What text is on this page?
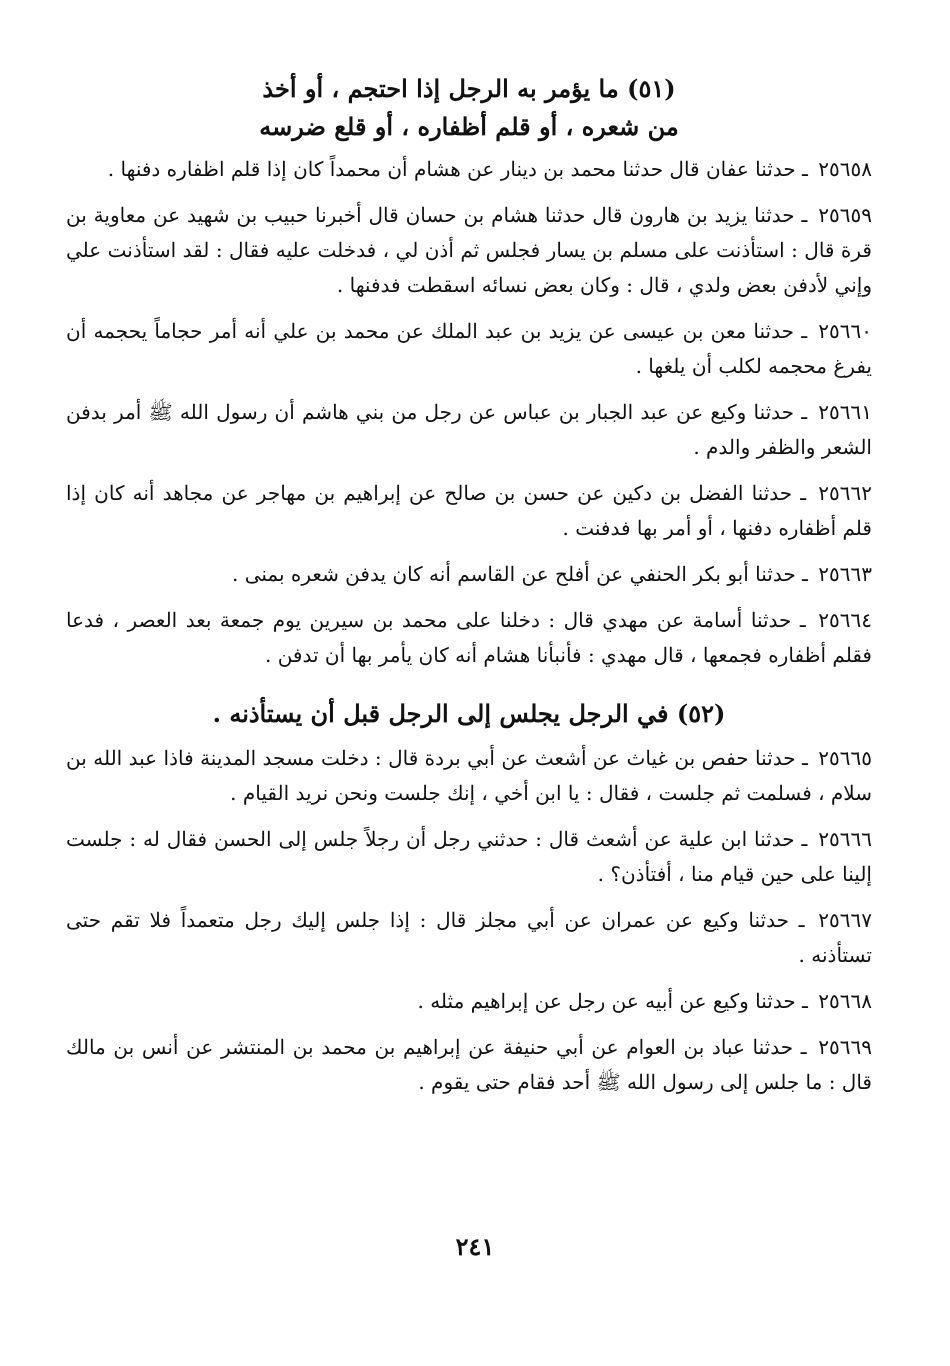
(٥١) ما يؤمر به الرجل إذا احتجم ، أو أخذ
من شعره ، أو قلم أظفاره ، أو قلع ضرسه

٢٥٦٥٨ ـ حدثنا عفان قال حدثنا محمد بن دينار عن هشام أن محمداً كان إذا قلم اظفاره دفنها .

٢٥٦٥٩ ـ حدثنا يزيد بن هارون قال حدثنا هشام بن حسان قال أخبرنا حبيب بن شهيد عن معاوية بن قرة قال : استأذنت على مسلم بن يسار فجلس ثم أذن لي ، فدخلت عليه فقال : لقد استأذنت علي وإني لأدفن بعض ولدي ، قال : وكان بعض نسائه اسقطت فدفنها .

٢٥٦٦٠ ـ حدثنا معن بن عيسى عن يزيد بن عبد الملك عن محمد بن علي أنه أمر حجاماً يحجمه أن يفرغ محجمه لكلب أن يلغها .

٢٥٦٦١ ـ حدثنا وكيع عن عبد الجبار بن عباس عن رجل من بني هاشم أن رسول الله ﷺ أمر بدفن الشعر والظفر والدم .

٢٥٦٦٢ ـ حدثنا الفضل بن دكين عن حسن بن صالح عن إبراهيم بن مهاجر عن مجاهد أنه كان إذا قلم أظفاره دفنها ، أو أمر بها فدفنت .

٢٥٦٦٣ ـ حدثنا أبو بكر الحنفي عن أفلح عن القاسم أنه كان يدفن شعره بمنى .

٢٥٦٦٤ ـ حدثنا أسامة عن مهدي قال : دخلنا على محمد بن سيرين يوم جمعة بعد العصر ، فدعا فقلم أظفاره فجمعها ، قال مهدي : فأنبأنا هشام أنه كان يأمر بها أن تدفن .

(٥٢) في الرجل يجلس إلى الرجل قبل أن يستأذنه .

٢٥٦٦٥ ـ حدثنا حفص بن غياث عن أشعث عن أبي بردة قال : دخلت مسجد المدينة فاذا عبد الله بن سلام ، فسلمت ثم جلست ، فقال : يا ابن أخي ، إنك جلست ونحن نريد القيام .

٢٥٦٦٦ ـ حدثنا ابن علية عن أشعث قال : حدثني رجل أن رجلاً جلس إلى الحسن فقال له : جلست إلينا على حين قيام منا ، أفتأذن؟ .

٢٥٦٦٧ ـ حدثنا وكيع عن عمران عن أبي مجلز قال : إذا جلس إليك رجل متعمداً فلا تقم حتى تستأذنه .

٢٥٦٦٨ ـ حدثنا وكيع عن أبيه عن رجل عن إبراهيم مثله .

٢٥٦٦٩ ـ حدثنا عباد بن العوام عن أبي حنيفة عن إبراهيم بن محمد بن المنتشر عن أنس بن مالك قال : ما جلس إلى رسول الله ﷺ أحد فقام حتى يقوم .

٢٤١
